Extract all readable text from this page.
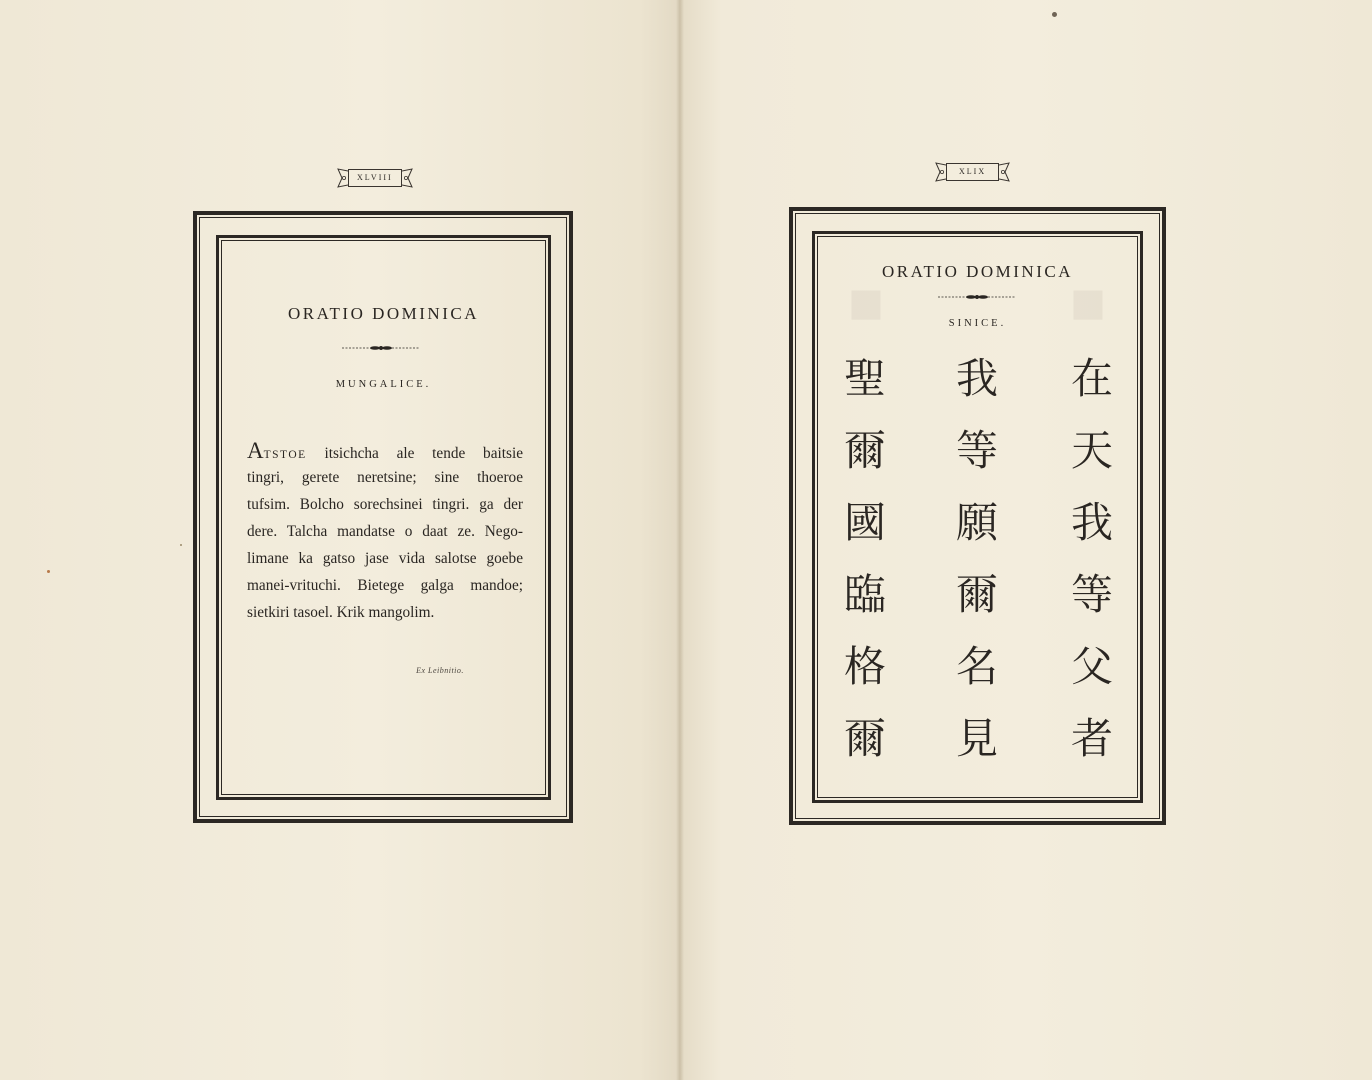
XLVIII
ORATIO DOMINICA
MUNGALICE.
ATSTOE itsichcha ale tende baitsie
tingri, gerete neretsine; sine thoeroe
tufsim. Bolcho sorechsinei tingri. ga der
dere. Talcha mandatse o daat ze. Nego-
limane ka gatso jase vida salotse goebe
manei-vrituchi. Bietege galga mandoe;
sietkiri tasoel. Krik mangolim.
Ex Leibnitio.
XLIX
■	■
ORATIO DOMINICA
SINICE.
在
天
我
等
父
者
我
等
願
爾
名
見
聖
爾
國
臨
格
爾
